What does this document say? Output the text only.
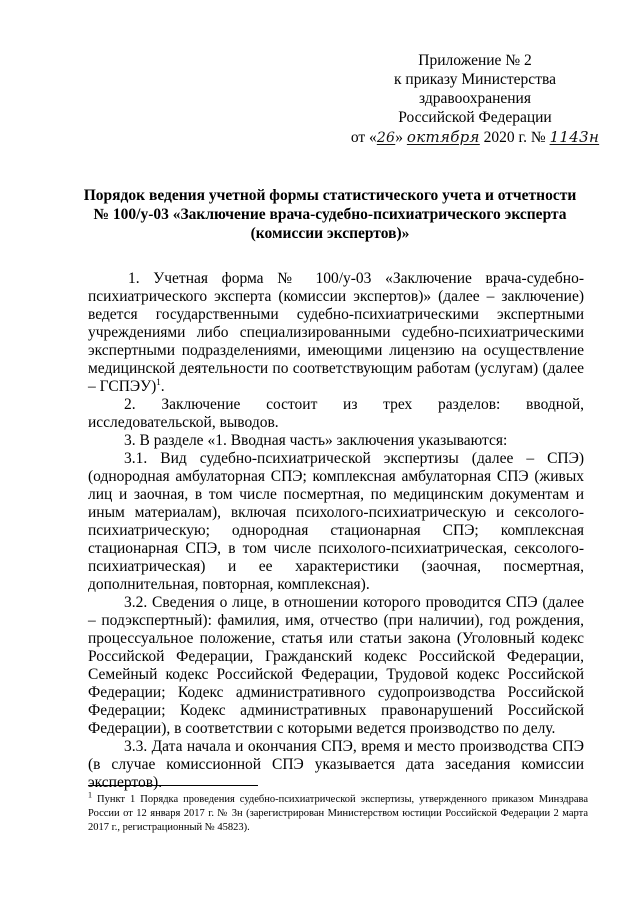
Приложение № 2
к приказу Министерства
здравоохранения
Российской Федерации
от «26» октября 2020 г. № 1143н
Порядок ведения учетной формы статистического учета и отчетности
№ 100/у-03 «Заключение врача-судебно-психиатрического эксперта
(комиссии экспертов)»

1. Учетная форма № 100/у-03 «Заключение врача-судебно-психиатрического эксперта (комиссии экспертов)» (далее – заключение) ведется государственными судебно-психиатрическими экспертными учреждениями либо специализированными судебно-психиатрическими экспертными подразделениями, имеющими лицензию на осуществление медицинской деятельности по соответствующим работам (услугам) (далее – ГСПЭУ)$^1$.

2. Заключение состоит из трех разделов: вводной, исследовательской, выводов.

3. В разделе «1. Вводная часть» заключения указываются:

3.1. Вид судебно-психиатрической экспертизы (далее – СПЭ) (однородная амбулаторная СПЭ; комплексная амбулаторная СПЭ (живых лиц и заочная, в том числе посмертная, по медицинским документам и иным материалам), включая психолого-психиатрическую и сексолого-психиатрическую; однородная стационарная СПЭ; комплексная стационарная СПЭ, в том числе психолого-психиатрическая, сексолого-психиатрическая) и ее характеристики (заочная, посмертная, дополнительная, повторная, комплексная).

3.2. Сведения о лице, в отношении которого проводится СПЭ (далее – подэкспертный): фамилия, имя, отчество (при наличии), год рождения, процессуальное положение, статья или статьи закона (Уголовный кодекс Российской Федерации, Гражданский кодекс Российской Федерации, Семейный кодекс Российской Федерации, Трудовой кодекс Российской Федерации; Кодекс административного судопроизводства Российской Федерации; Кодекс административных правонарушений Российской Федерации), в соответствии с которыми ведется производство по делу.

3.3. Дата начала и окончания СПЭ, время и место производства СПЭ (в случае комиссионной СПЭ указывается дата заседания комиссии экспертов).

$^1$ Пункт 1 Порядка проведения судебно-психиатрической экспертизы, утвержденного приказом Минздрава России от 12 января 2017 г. № 3н (зарегистрирован Министерством юстиции Российской Федерации 2 марта 2017 г., регистрационный № 45823).
